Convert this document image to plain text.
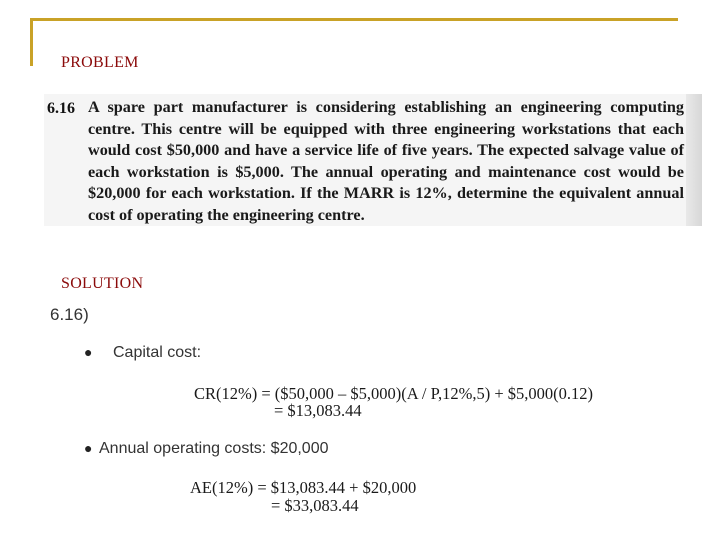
PROBLEM
6.16 A spare part manufacturer is considering establishing an engineering computing centre. This centre will be equipped with three engineering workstations that each would cost $50,000 and have a service life of five years. The expected salvage value of each workstation is $5,000. The annual operating and maintenance cost would be $20,000 for each workstation. If the MARR is 12%, determine the equivalent annual cost of operating the engineering centre.
SOLUTION
6.16)
● Capital cost:
CR(12%) = ($50,000 – $5,000)(A / P,12%,5) + $5,000(0.12)
= $13,083.44
● Annual operating costs: $20,000
AE(12%) = $13,083.44 + $20,000
= $33,083.44
